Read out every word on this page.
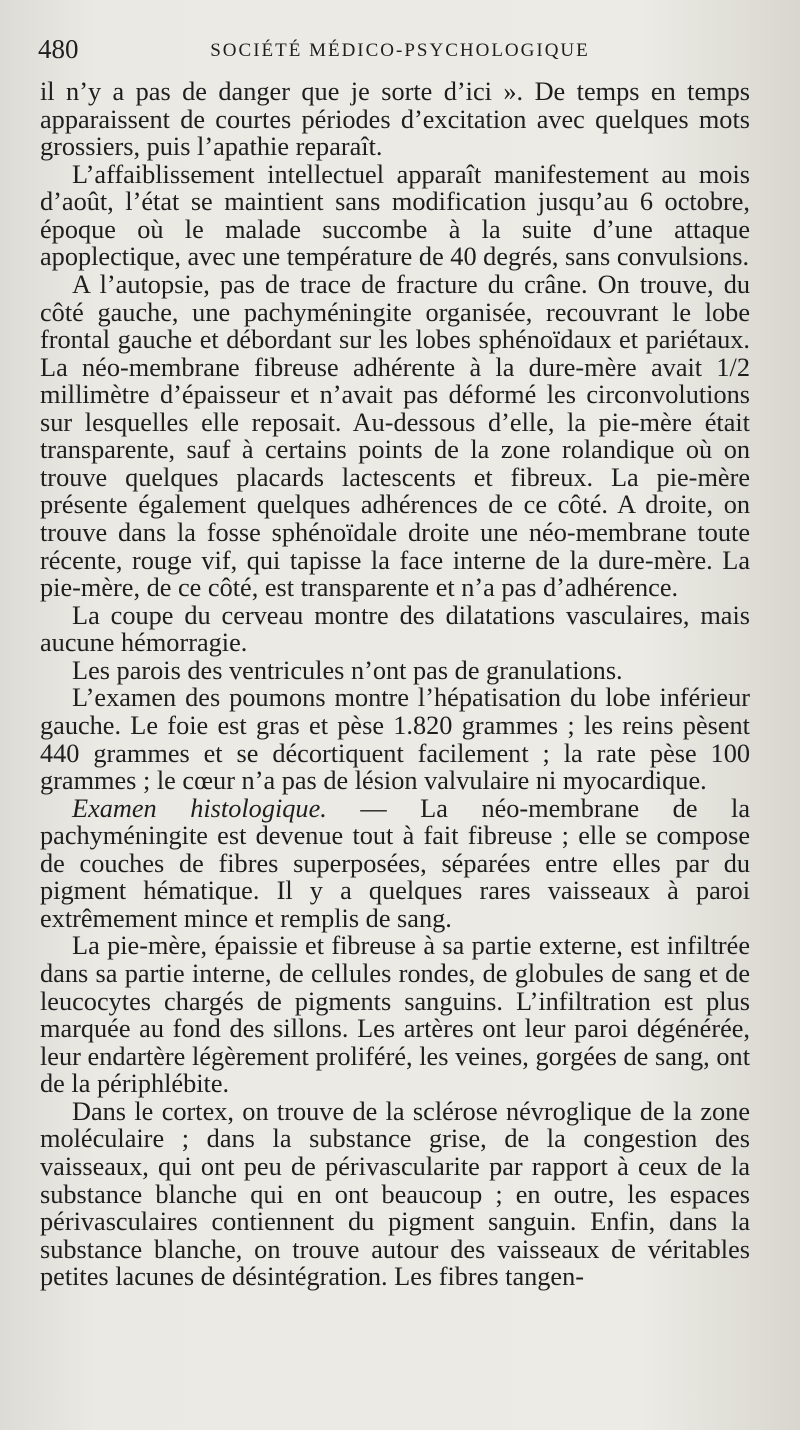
480	SOCIÉTÉ MÉDICO-PSYCHOLOGIQUE

il n’y a pas de danger que je sorte d’ici ». De temps en temps apparaissent de courtes périodes d’excitation avec quelques mots grossiers, puis l’apathie reparaît.

L’affaiblissement intellectuel apparaît manifestement au mois d’août, l’état se maintient sans modification jusqu’au 6 octobre, époque où le malade succombe à la suite d’une attaque apoplectique, avec une température de 40 degrés, sans convulsions.

A l’autopsie, pas de trace de fracture du crâne. On trouve, du côté gauche, une pachyméningite organisée, recouvrant le lobe frontal gauche et débordant sur les lobes sphénoïdaux et pariétaux. La néo-membrane fibreuse adhérente à la dure-mère avait 1/2 millimètre d’épaisseur et n’avait pas déformé les circonvolutions sur lesquelles elle reposait. Au-dessous d’elle, la pie-mère était transparente, sauf à certains points de la zone rolandique où on trouve quelques placards lactescents et fibreux. La pie-mère présente également quelques adhérences de ce côté. A droite, on trouve dans la fosse sphénoïdale droite une néo-membrane toute récente, rouge vif, qui tapisse la face interne de la dure-mère. La pie-mère, de ce côté, est transparente et n’a pas d’adhérence.

La coupe du cerveau montre des dilatations vasculaires, mais aucune hémorragie.

Les parois des ventricules n’ont pas de granulations.

L’examen des poumons montre l’hépatisation du lobe inférieur gauche. Le foie est gras et pèse 1.820 grammes ; les reins pèsent 440 grammes et se décortiquent facilement ; la rate pèse 100 grammes ; le cœur n’a pas de lésion valvulaire ni myocardique.

Examen histologique. — La néo-membrane de la pachyméningite est devenue tout à fait fibreuse ; elle se compose de couches de fibres superposées, séparées entre elles par du pigment hématique. Il y a quelques rares vaisseaux à paroi extrêmement mince et remplis de sang.

La pie-mère, épaissie et fibreuse à sa partie externe, est infiltrée dans sa partie interne, de cellules rondes, de globules de sang et de leucocytes chargés de pigments sanguins. L’infiltration est plus marquée au fond des sillons. Les artères ont leur paroi dégénérée, leur endartère légèrement proliféré, les veines, gorgées de sang, ont de la périphlébite.

Dans le cortex, on trouve de la sclérose névroglique de la zone moléculaire ; dans la substance grise, de la congestion des vaisseaux, qui ont peu de périvascularite par rapport à ceux de la substance blanche qui en ont beaucoup ; en outre, les espaces périvasculaires contiennent du pigment sanguin. Enfin, dans la substance blanche, on trouve autour des vaisseaux de véritables petites lacunes de désintégration. Les fibres tangen-
